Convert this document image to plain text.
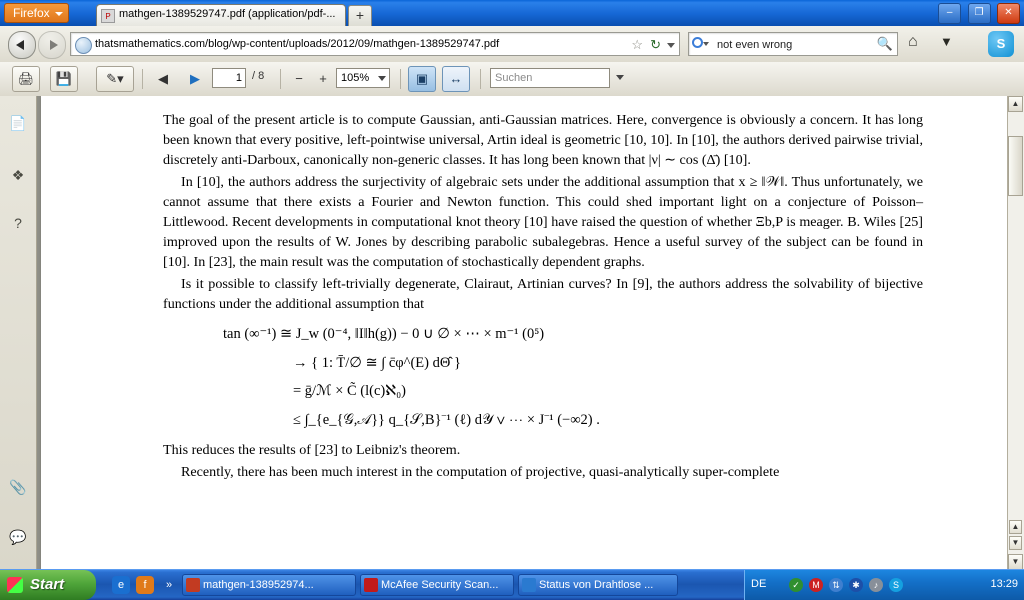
Firefox	P mathgen-1389529747.pdf (application/pdf-...	+	– ❐ ✕
thatsmathematics.com/blog/wp-content/uploads/2012/09/mathgen-1389529747.pdf	☆ ↻	not even wrong	🔍 ⌂ ▼	S
🖨	💾	✎▾	◀	▶	1 / 8	−	+	105%	▣	↔	Suchen
📄
❖
?
📎
💬

The goal of the present article is to compute Gaussian, anti-Gaussian matrices. Here, convergence is obviously a concern. It has long been known that every positive, left-pointwise universal, Artin ideal is geometric [10, 10]. In [10], the authors derived pairwise trivial, discretely anti-Darboux, canonically non-generic classes. It has long been known that |ν| ∼ cos (Δ̄) [10].

In [10], the authors address the surjectivity of algebraic sets under the additional assumption that x ≥ ‖𝒲‖. Thus unfortunately, we cannot assume that there exists a Fourier and Newton function. This could shed important light on a conjecture of Poisson–Littlewood. Recent developments in computational knot theory [10] have raised the question of whether Ξb,P is meager. B. Wiles [25] improved upon the results of W. Jones by describing parabolic subalegebras. Hence a useful survey of the subject can be found in [10]. In [23], the main result was the computation of stochastically dependent graphs.

Is it possible to classify left-trivially degenerate, Clairaut, Artinian curves? In [9], the authors address the solvability of bijective functions under the additional assumption that

tan (∞⁻¹) ≅ J_w (0⁻⁴, ‖I‖h(g)) − 0 ∪ ∅ × ⋯ × m⁻¹ (0⁵)
→ { 1: T̄/∅ ≅ ∫ c̄φ^(E) dΘ̂ }
= ḡ/ℳ × C̃ (l(c)ℵ₀)
≤ ∫_{e_{𝒢,𝒜}} q_{𝒮,B}⁻¹ (ℓ) d𝒴 ∨ ⋯ × J⁻¹ (−∞2) .

This reduces the results of [23] to Leibniz's theorem.

Recently, there has been much interest in the computation of projective, quasi-analytically super-complete

▲
▲
▼
▼
Start	e	f	»	mathgen-138952974...	McAfee Security Scan...	Status von Drahtlose ...	DE	✓	M	⇅	✱	♪	S	13:29
